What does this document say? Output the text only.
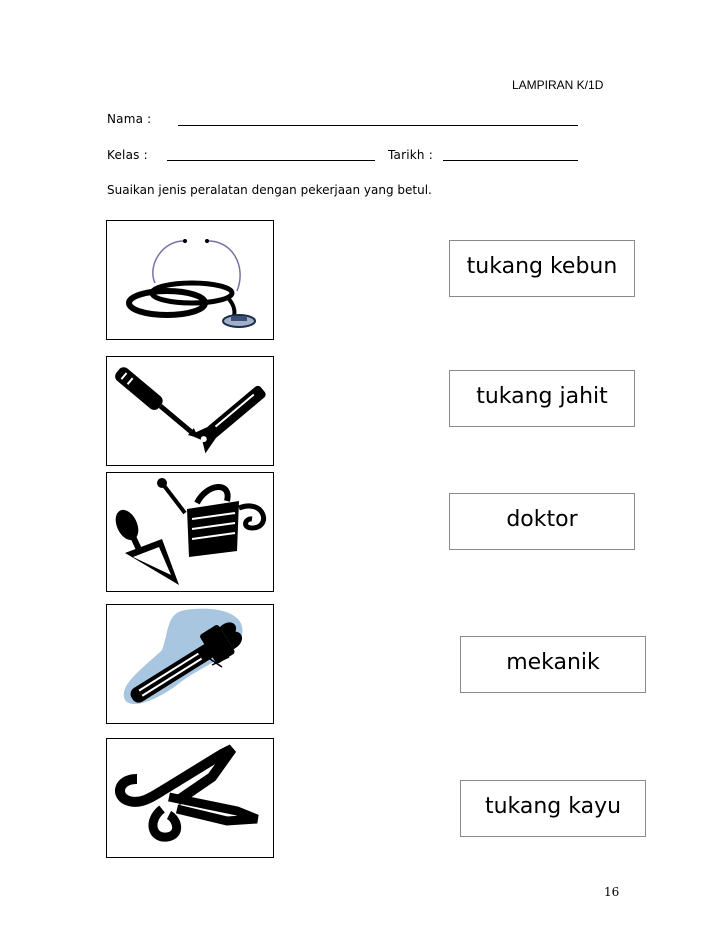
LAMPIRAN K/1D
Nama :
Kelas :	Tarikh :
Suaikan jenis peralatan dengan pekerjaan yang betul.
tukang kebun
tukang jahit
doktor
mekanik
tukang kayu
16
